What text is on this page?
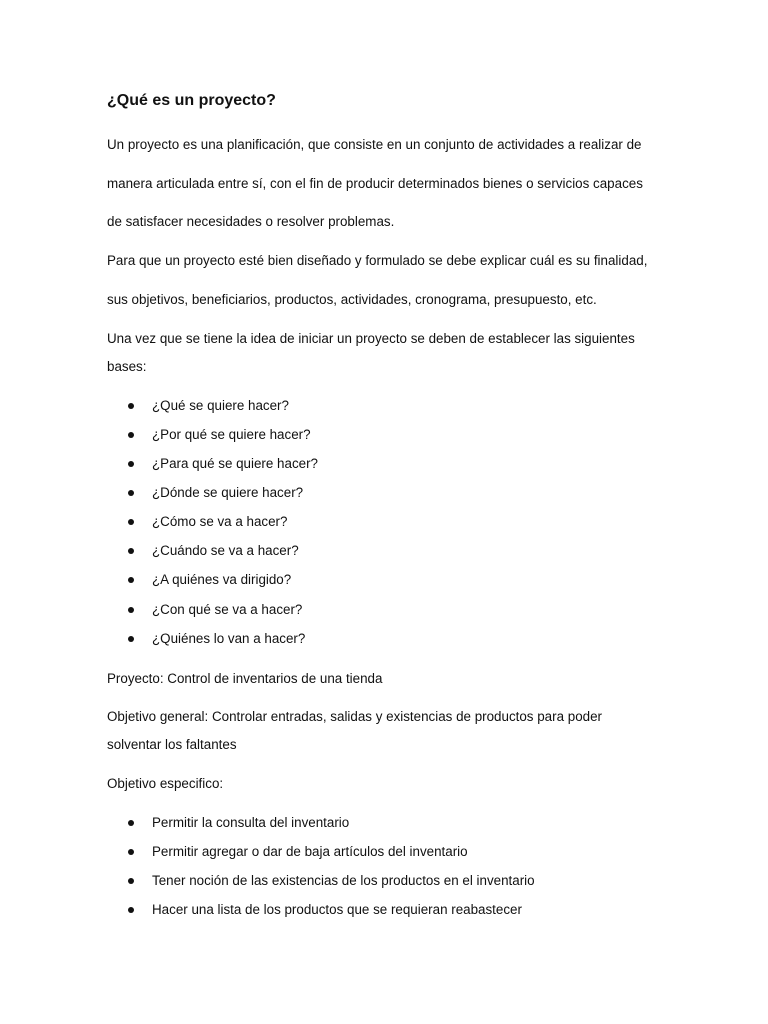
¿Qué es un proyecto?

Un proyecto es una planificación, que consiste en un conjunto de actividades a realizar de

manera articulada entre sí, con el fin de producir determinados bienes o servicios capaces

de satisfacer necesidades o resolver problemas.

Para que un proyecto esté bien diseñado y formulado se debe explicar cuál es su finalidad,

sus objetivos, beneficiarios, productos, actividades, cronograma, presupuesto, etc.

Una vez que se tiene la idea de iniciar un proyecto se deben de establecer las siguientes

bases:

¿Qué se quiere hacer?
¿Por qué se quiere hacer?
¿Para qué se quiere hacer?
¿Dónde se quiere hacer?
¿Cómo se va a hacer?
¿Cuándo se va a hacer?
¿A quiénes va dirigido?
¿Con qué se va a hacer?
¿Quiénes lo van a hacer?

Proyecto: Control de inventarios de una tienda

Objetivo general: Controlar entradas, salidas y existencias de productos para poder

solventar los faltantes

Objetivo especifico:

Permitir la consulta del inventario
Permitir agregar o dar de baja artículos del inventario
Tener noción de las existencias de los productos en el inventario
Hacer una lista de los productos que se requieran reabastecer
